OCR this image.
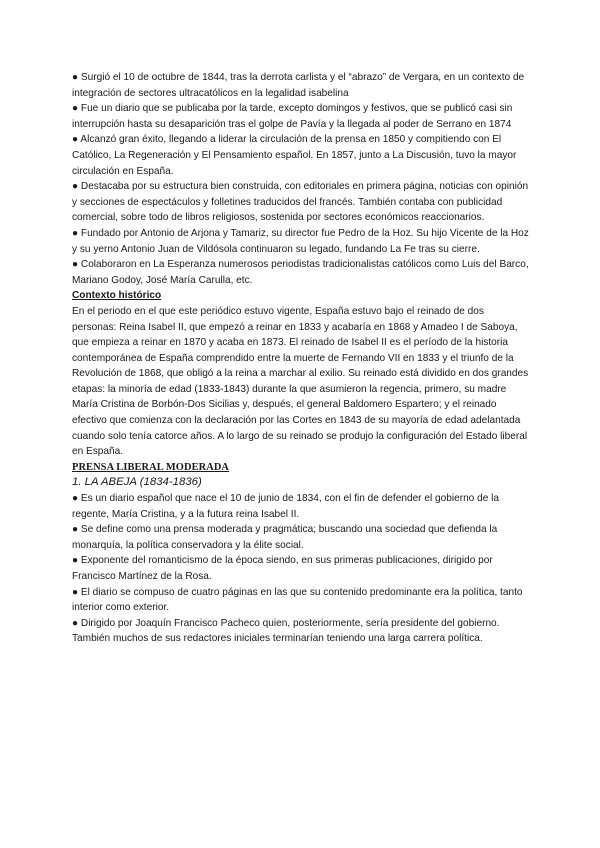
● Surgió el 10 de octubre de 1844, tras la derrota carlista y el “abrazo” de Vergara, en un contexto de integración de sectores ultracatólicos en la legalidad isabelina
● Fue un diario que se publicaba por la tarde, excepto domingos y festivos, que se publicó casi sin interrupción hasta su desaparición tras el golpe de Pavía y la llegada al poder de Serrano en 1874
● Alcanzó gran éxito, llegando a liderar la circulación de la prensa en 1850 y compitiendo con El Católico, La Regeneración y El Pensamiento español. En 1857, junto a La Discusión, tuvo la mayor circulación en España.
● Destacaba por su estructura bien construida, con editoriales en primera página, noticias con opinión y secciones de espectáculos y folletines traducidos del francés. También contaba con publicidad comercial, sobre todo de libros religiosos, sostenida por sectores económicos reaccionarios.
● Fundado por Antonio de Arjona y Tamariz, su director fue Pedro de la Hoz. Su hijo Vicente de la Hoz y su yerno Antonio Juan de Vildósola continuaron su legado, fundando La Fe tras su cierre.
● Colaboraron en La Esperanza numerosos periodistas tradicionalistas católicos como Luis del Barco, Mariano Godoy, José María Carulla, etc.

Contexto histórico

En el periodo en el que este periódico estuvo vigente, España estuvo bajo el reinado de dos personas: Reina Isabel II, que empezó a reinar en 1833 y acabaría en 1868 y Amadeo I de Saboya, que empieza a reinar en 1870 y acaba en 1873. El reinado de Isabel II es el período de la historia contemporánea de España comprendido entre la muerte de Fernando VII en 1833 y el triunfo de la Revolución de 1868, que obligó a la reina a marchar al exilio. Su reinado está dividido en dos grandes etapas: la minoría de edad (1833-1843) durante la que asumieron la regencia, primero, su madre María Cristina de Borbón-Dos Sicilias y, después, el general Baldomero Espartero; y el reinado efectivo que comienza con la declaración por las Cortes en 1843 de su mayoría de edad adelantada cuando solo tenía catorce años. A lo largo de su reinado se produjo la configuración del Estado liberal en España.

PRENSA LIBERAL MODERADA

1. LA ABEJA (1834-1836)

● Es un diario español que nace el 10 de junio de 1834, con el fin de defender el gobierno de la regente, María Cristina, y a la futura reina Isabel II.
● Se define como una prensa moderada y pragmática; buscando una sociedad que defienda la monarquía, la política conservadora y la élite social.
● Exponente del romanticismo de la época siendo, en sus primeras publicaciones, dirigido por Francisco Martínez de la Rosa.
● El diario se compuso de cuatro páginas en las que su contenido predominante era la política, tanto interior como exterior.
● Dirigido por Joaquín Francisco Pacheco quien, posteriormente, sería presidente del gobierno. También muchos de sus redactores iniciales terminarían teniendo una larga carrera política.
